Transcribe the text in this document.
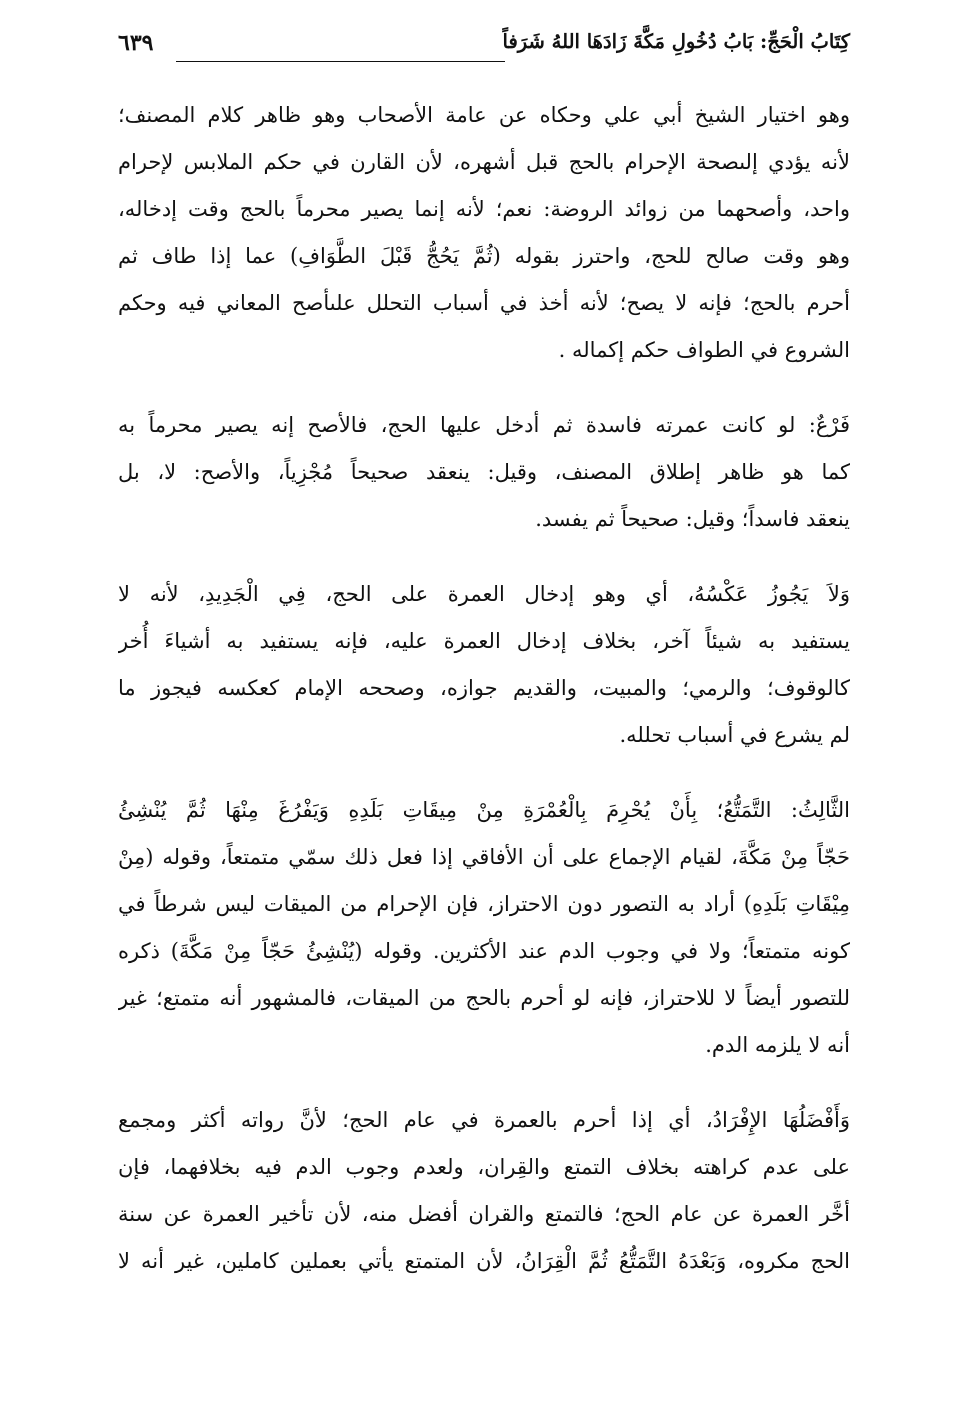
كِتَابُ الْحَجِّ: بَابُ دُخُولِ مَكَّةَ زَادَهَا اللهُ شَرَفاً
٦٣٩
وهو اختيار الشيخ أبي علي وحكاه عن عامة الأصحاب وهو ظاهر كلام المصنف؛
لأنه يؤدي إلىصحة الإحرام بالحج قبل أشهره، لأن القارن في حكم الملابس لإحرام
واحد، وأصحهما من زوائد الروضة: نعم؛ لأنه إنما يصير محرماً بالحج وقت إدخاله،
وهو وقت صالح للحج، واحترز بقوله (ثُمَّ يَحُجُّ قَبْلَ الطَّوَافِ) عما إذا طاف ثم
أحرم بالحج؛ فإنه لا يصح؛ لأنه أخذ في أسباب التحلل علىأصح المعاني فيه وحكم
الشروع في الطواف حكم إكماله .
فَرْعٌ: لو كانت عمرته فاسدة ثم أدخل عليها الحج، فالأصح إنه يصير محرماً به
كما هو ظاهر إطلاق المصنف، وقيل: ينعقد صحيحاً مُجْزِياً، والأصح: لا، بل
ينعقد فاسداً؛ وقيل: صحيحاً ثم يفسد.
وَلاَ يَجُوزُ عَكْسُهُ، أي وهو إدخال العمرة على الحج، فِي الْجَدِيدِ، لأنه لا
يستفيد به شيئاً آخر، بخلاف إدخال العمرة عليه، فإنه يستفيد به أشياءَ أُخر
كالوقوف؛ والرمي؛ والمبيت، والقديم جوازه، وصححه الإمام كعكسه فيجوز ما
لم يشرع في أسباب تحلله.
الثَّالِثُ: التَّمَتُّعُ؛ بِأَنْ يُحْرِمَ بِالْعُمْرَةِ مِنْ مِيقَاتِ بَلَدِهِ وَيَفْرُغَ مِنْهَا ثُمَّ يُنْشِئُ
حَجّاً مِنْ مَكَّةَ، لقيام الإجماع على أن الأفاقي إذا فعل ذلك سمّي متمتعاً، وقوله (مِنْ
مِيْقَاتِ بَلَدِهِ) أراد به التصور دون الاحتراز، فإن الإحرام من الميقات ليس شرطاً في
كونه متمتعاً؛ ولا في وجوب الدم عند الأكثرين. وقوله (يُنْشِئُ حَجّاً مِنْ مَكَّةَ) ذكره
للتصور أيضاً لا للاحتراز، فإنه لو أحرم بالحج من الميقات، فالمشهور أنه متمتع؛ غير
أنه لا يلزمه الدم.
وَأَفْضَلُهَا الإِفْرَادُ، أي إذا أحرم بالعمرة في عام الحج؛ لأنَّ رواته أكثر ومجمع
على عدم كراهته بخلاف التمتع والقِران، ولعدم وجوب الدم فيه بخلافهما، فإن
أخَّر العمرة عن عام الحج؛ فالتمتع والقران أفضل منه، لأن تأخير العمرة عن سنة
الحج مكروه، وَبَعْدَهُ التَّمَتُّعُ ثُمَّ الْقِرَانُ، لأن المتمتع يأتي بعملين كاملين، غير أنه لا
